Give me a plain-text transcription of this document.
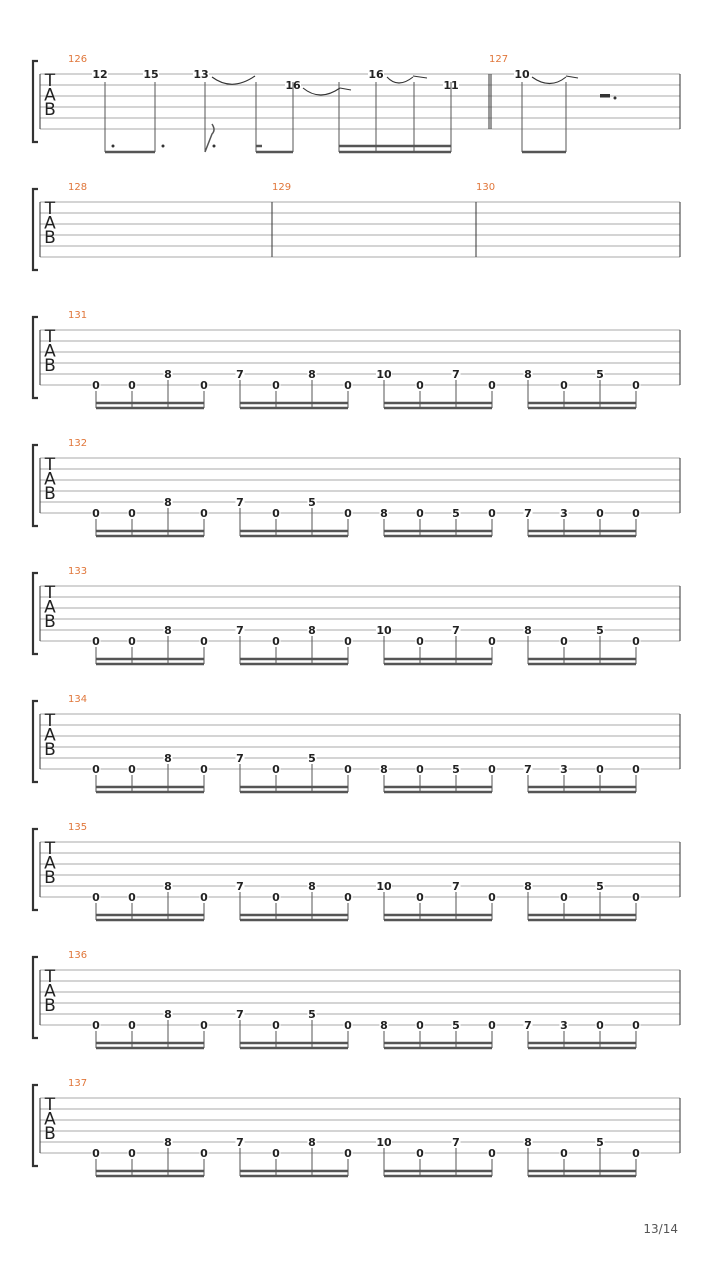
T
A
B
126
12	15	13
16
16
11
127
10
T
A
B
128	129	130
T
A
B
131
0	0
8
0
7
0
8
0
10
0
7
0
8
0
5
0
T
A
B
132
0	0
8
0
7
0
5
0	8	0	5	0	7	3	0	0
T
A
B
133
0	0
8
0
7
0
8
0
10
0
7
0
8
0
5
0
T
A
B
134
0	0
8
0
7
0
5
0	8	0	5	0	7	3	0	0
T
A
B
135
0	0
8
0
7
0
8
0
10
0
7
0
8
0
5
0
T
A
B
136
0	0
8
0
7
0
5
0	8	0	5	0	7	3	0	0
T
A
B
137
0	0
8
0
7
0
8
0
10
0
7
0
8
0
5
0
13/14
